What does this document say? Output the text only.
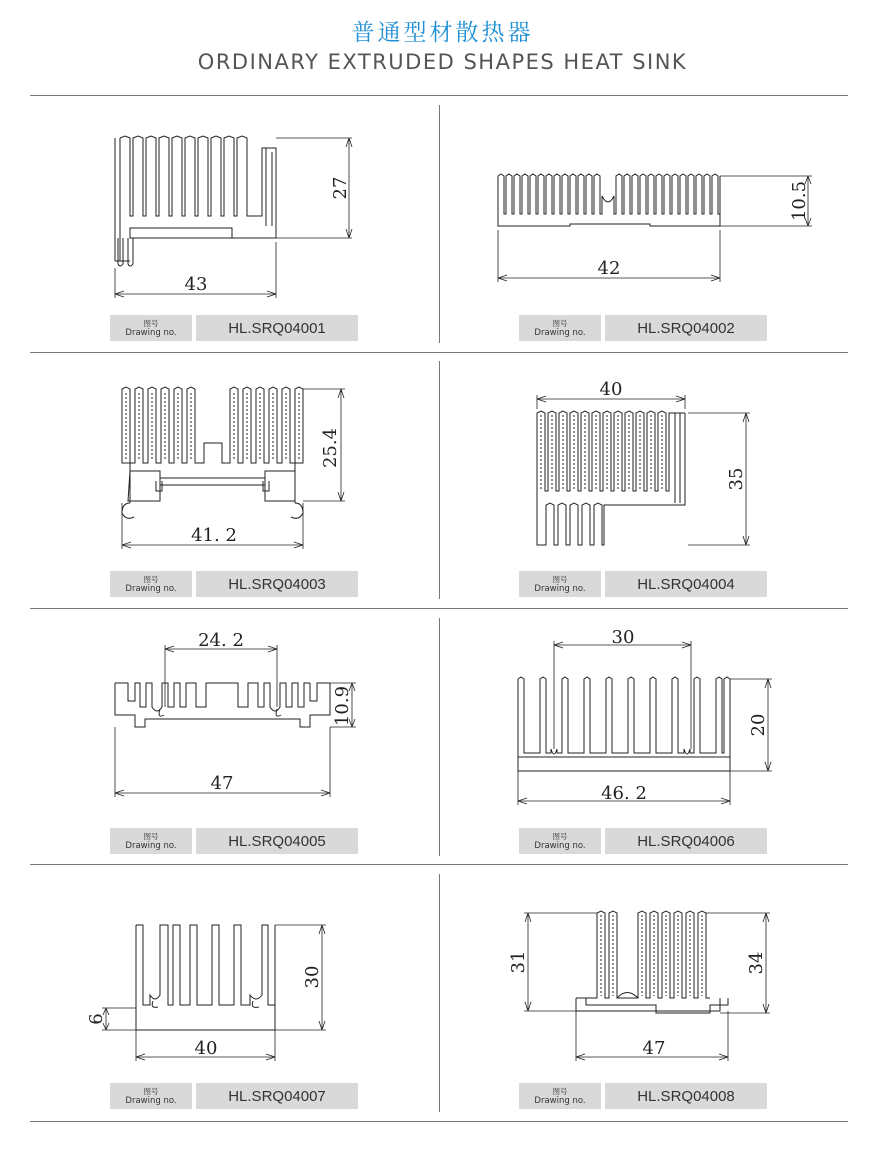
普通型材散热器
ORDINARY EXTRUDED SHAPES HEAT SINK
43
27
图号
Drawing no.	HL.SRQ04001
42
10.5
图号
Drawing no.	HL.SRQ04002
41. 2
25.4
图号
Drawing no.	HL.SRQ04003
40
35
图号
Drawing no.	HL.SRQ04004
24. 2
10.9
47
图号
Drawing no.	HL.SRQ04005
30
20
46. 2
图号
Drawing no.	HL.SRQ04006
30
6
40
图号
Drawing no.	HL.SRQ04007
31	34
47
图号
Drawing no.	HL.SRQ04008
